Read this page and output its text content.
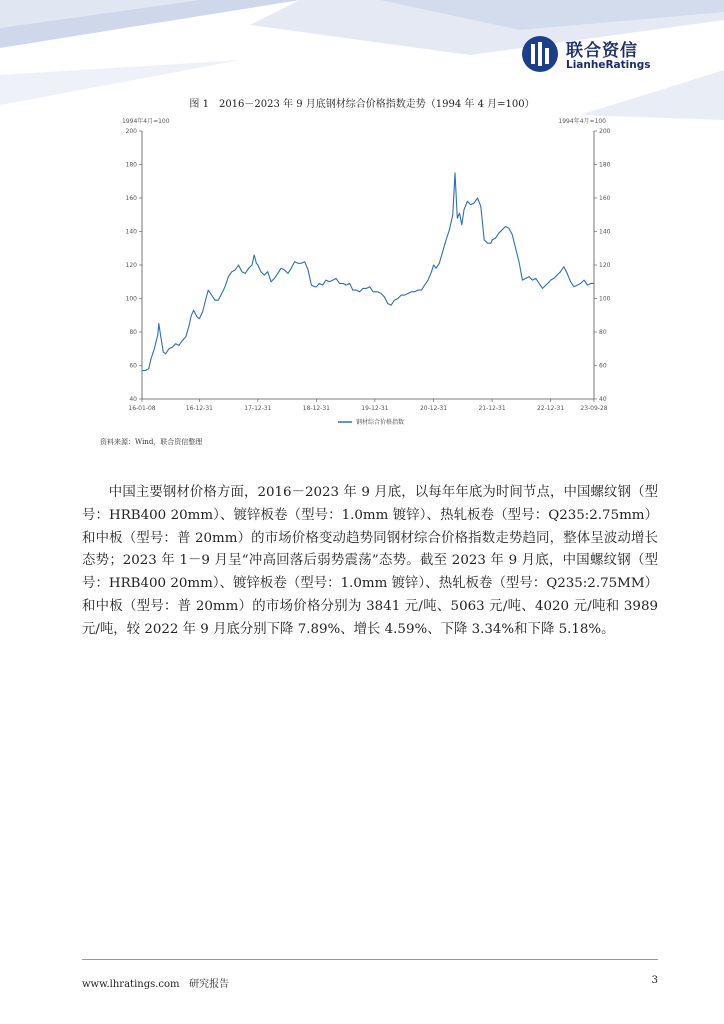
联合资信
LianheRatings
图 1　2016－2023 年 9 月底钢材综合价格指数走势（1994 年 4 月=100）
1994年4月=100	1994年4月=100
40	40
60	60
80	80
100	100
120	120
140	140
160	160
180	180
200	200
16-01-08	16-12-31	17-12-31	18-12-31	19-12-31	20-12-31	21-12-31	22-12-31	23-09-28
钢材综合价格指数
资料来源：Wind，联合资信整理

中国主要钢材价格方面，2016－2023 年 9 月底，以每年年底为时间节点，中国螺纹钢（型号：HRB400 20mm）、镀锌板卷（型号：1.0mm 镀锌）、热轧板卷（型号：Q235:2.75mm）和中板（型号：普 20mm）的市场价格变动趋势同钢材综合价格指数走势趋同，整体呈波动增长态势；2023 年 1－9 月呈“冲高回落后弱势震荡”态势。截至 2023 年 9 月底，中国螺纹钢（型号：HRB400 20mm）、镀锌板卷（型号：1.0mm 镀锌）、热轧板卷（型号：Q235:2.75MM）和中板（型号：普 20mm）的市场价格分别为 3841 元/吨、5063 元/吨、4020 元/吨和 3989 元/吨，较 2022 年 9 月底分别下降 7.89%、增长 4.59%、下降 3.34%和下降 5.18%。

www.lhratings.com 研究报告	3
